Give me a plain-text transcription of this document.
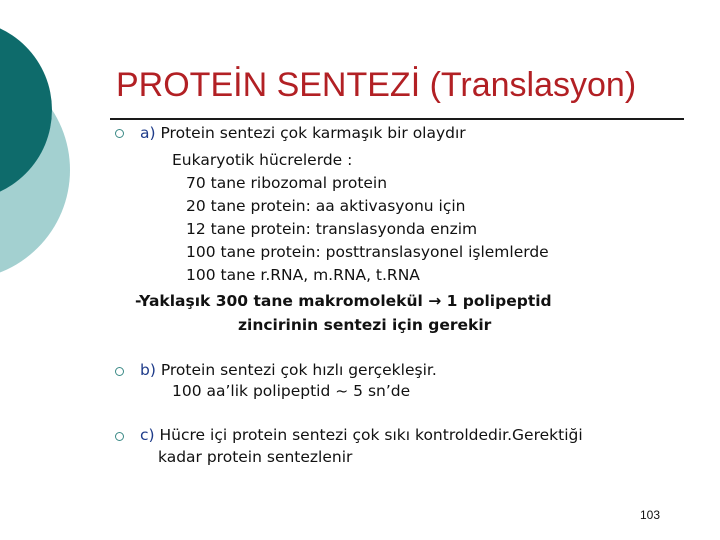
PROTEİN SENTEZİ (Translasyon)
a) Protein sentezi çok karmaşık bir olaydır
Eukaryotik hücrelerde :
70 tane ribozomal protein
20 tane protein: aa aktivasyonu için
12 tane protein: translasyonda enzim
100 tane protein: posttranslasyonel işlemlerde
100 tane r.RNA, m.RNA, t.RNA
-Yaklaşık 300 tane makromolekül → 1 polipeptid
zincirinin sentezi için gerekir
b) Protein sentezi çok hızlı gerçekleşir.
100 aa’lik polipeptid ~ 5 sn’de
c) Hücre içi protein sentezi çok sıkı kontroldedir.Gerektiği
kadar protein sentezlenir
103
